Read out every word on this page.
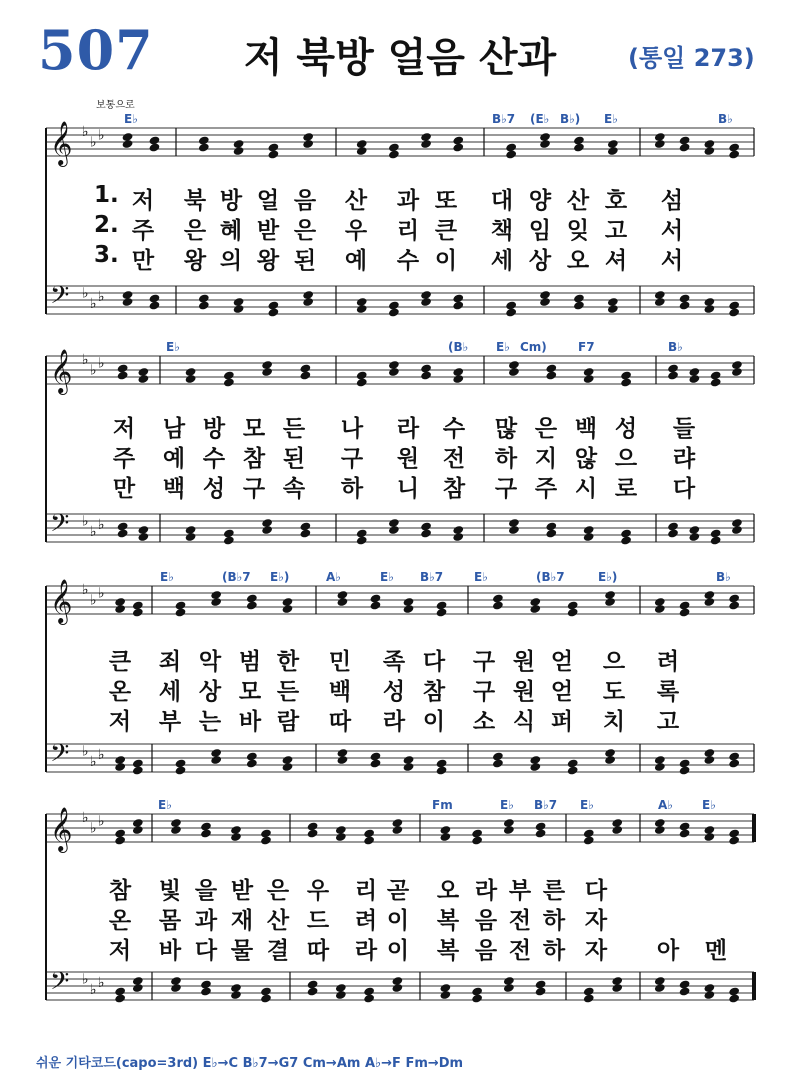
507	저 북방 얼음 산과	(통일 273)
보통으로
𝄞 ♭
♭ ♭
𝄢 ♭
♭ ♭
𝄞 ♭
♭ ♭
𝄢 ♭
♭ ♭
𝄞 ♭
♭ ♭
𝄢 ♭
♭ ♭
𝄞 ♭
♭ ♭
𝄢 ♭
♭ ♭
E♭	B♭7 (E♭ B♭) E♭	B♭
E♭	(B♭ E♭ Cm)	F7	B♭
E♭	(B♭7 E♭)	A♭	E♭ B♭7	E♭	(B♭7	E♭)	B♭
E♭	Fm	E♭ B♭7 E♭	A♭ E♭
1. 저 북 방 얼 음 산 과 또 대 양 산 호 섬
2. 주 은 혜 받 은 우 리 큰 책 임 잊 고 서
3. 만 왕 의 왕 된 예 수 이 세 상 오 셔 서
저 남 방 모 든 나 라 수 많 은 백 성 들
주 예 수 참 된 구 원 전 하 지 않 으 랴
만 백 성 구 속 하 니 참 구 주 시 로 다
큰 죄 악 범 한 민 족 다 구 원 얻 으 려
온 세 상 모 든 백 성 참 구 원 얻 도 록
저 부 는 바 람 따 라 이 소 식 퍼 치 고
참 빛 을 받 은 우 리 곧 오 라 부 른 다
온 몸 과 재 산 드 려 이 복 음 전 하 자
저 바 다 물 결 따 라 이 복 음 전 하 자 아 멘
쉬운 기타코드(capo=3rd) E♭→C B♭7→G7 Cm→Am A♭→F Fm→Dm
